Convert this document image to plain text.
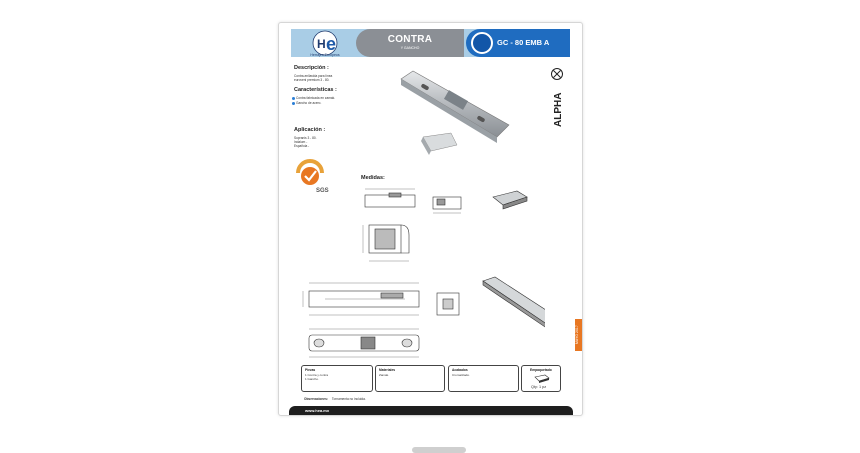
H e
Herrajes Europeos
CONTRA
Y GANCHO
GC - 80 EMB A
ALPHA
Descripción :
Contra-enllavida para línea
euroveni premium 3 - 80.
Características :
Contra fabricada en zamak.
Gancho de acero.
Aplicación :
Supranis 3 - 80.
Indalum -
Española -
SGS
Medidas:
Piezas
1 Contra y contra
1 Gancho.
Materiales
Zamak.
Acabados
Cromatizado.
Empaquetado
Qty: 1 pz
Observaciones: Tornamenta no incluida.
www.hea.mx
MAYO 2017
